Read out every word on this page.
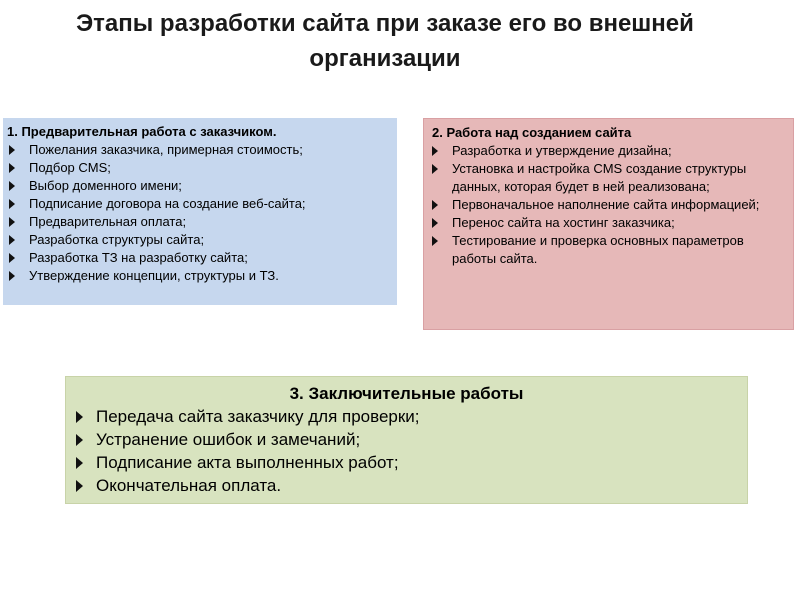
Этапы разработки сайта при заказе его во внешней организации
1. Предварительная работа с заказчиком.
Пожелания заказчика, примерная стоимость;
Подбор CMS;
Выбор доменного имени;
Подписание договора на создание веб-сайта;
Предварительная оплата;
Разработка структуры сайта;
Разработка ТЗ на разработку сайта;
Утверждение концепции, структуры и ТЗ.
2. Работа над созданием сайта
Разработка и утверждение дизайна;
Установка и настройка CMS создание структуры данных, которая будет в ней реализована;
Первоначальное наполнение сайта информацией;
Перенос сайта на хостинг заказчика;
Тестирование и проверка основных параметров работы сайта.
3. Заключительные работы
Передача сайта заказчику для проверки;
Устранение ошибок и замечаний;
Подписание акта выполненных работ;
Окончательная оплата.
